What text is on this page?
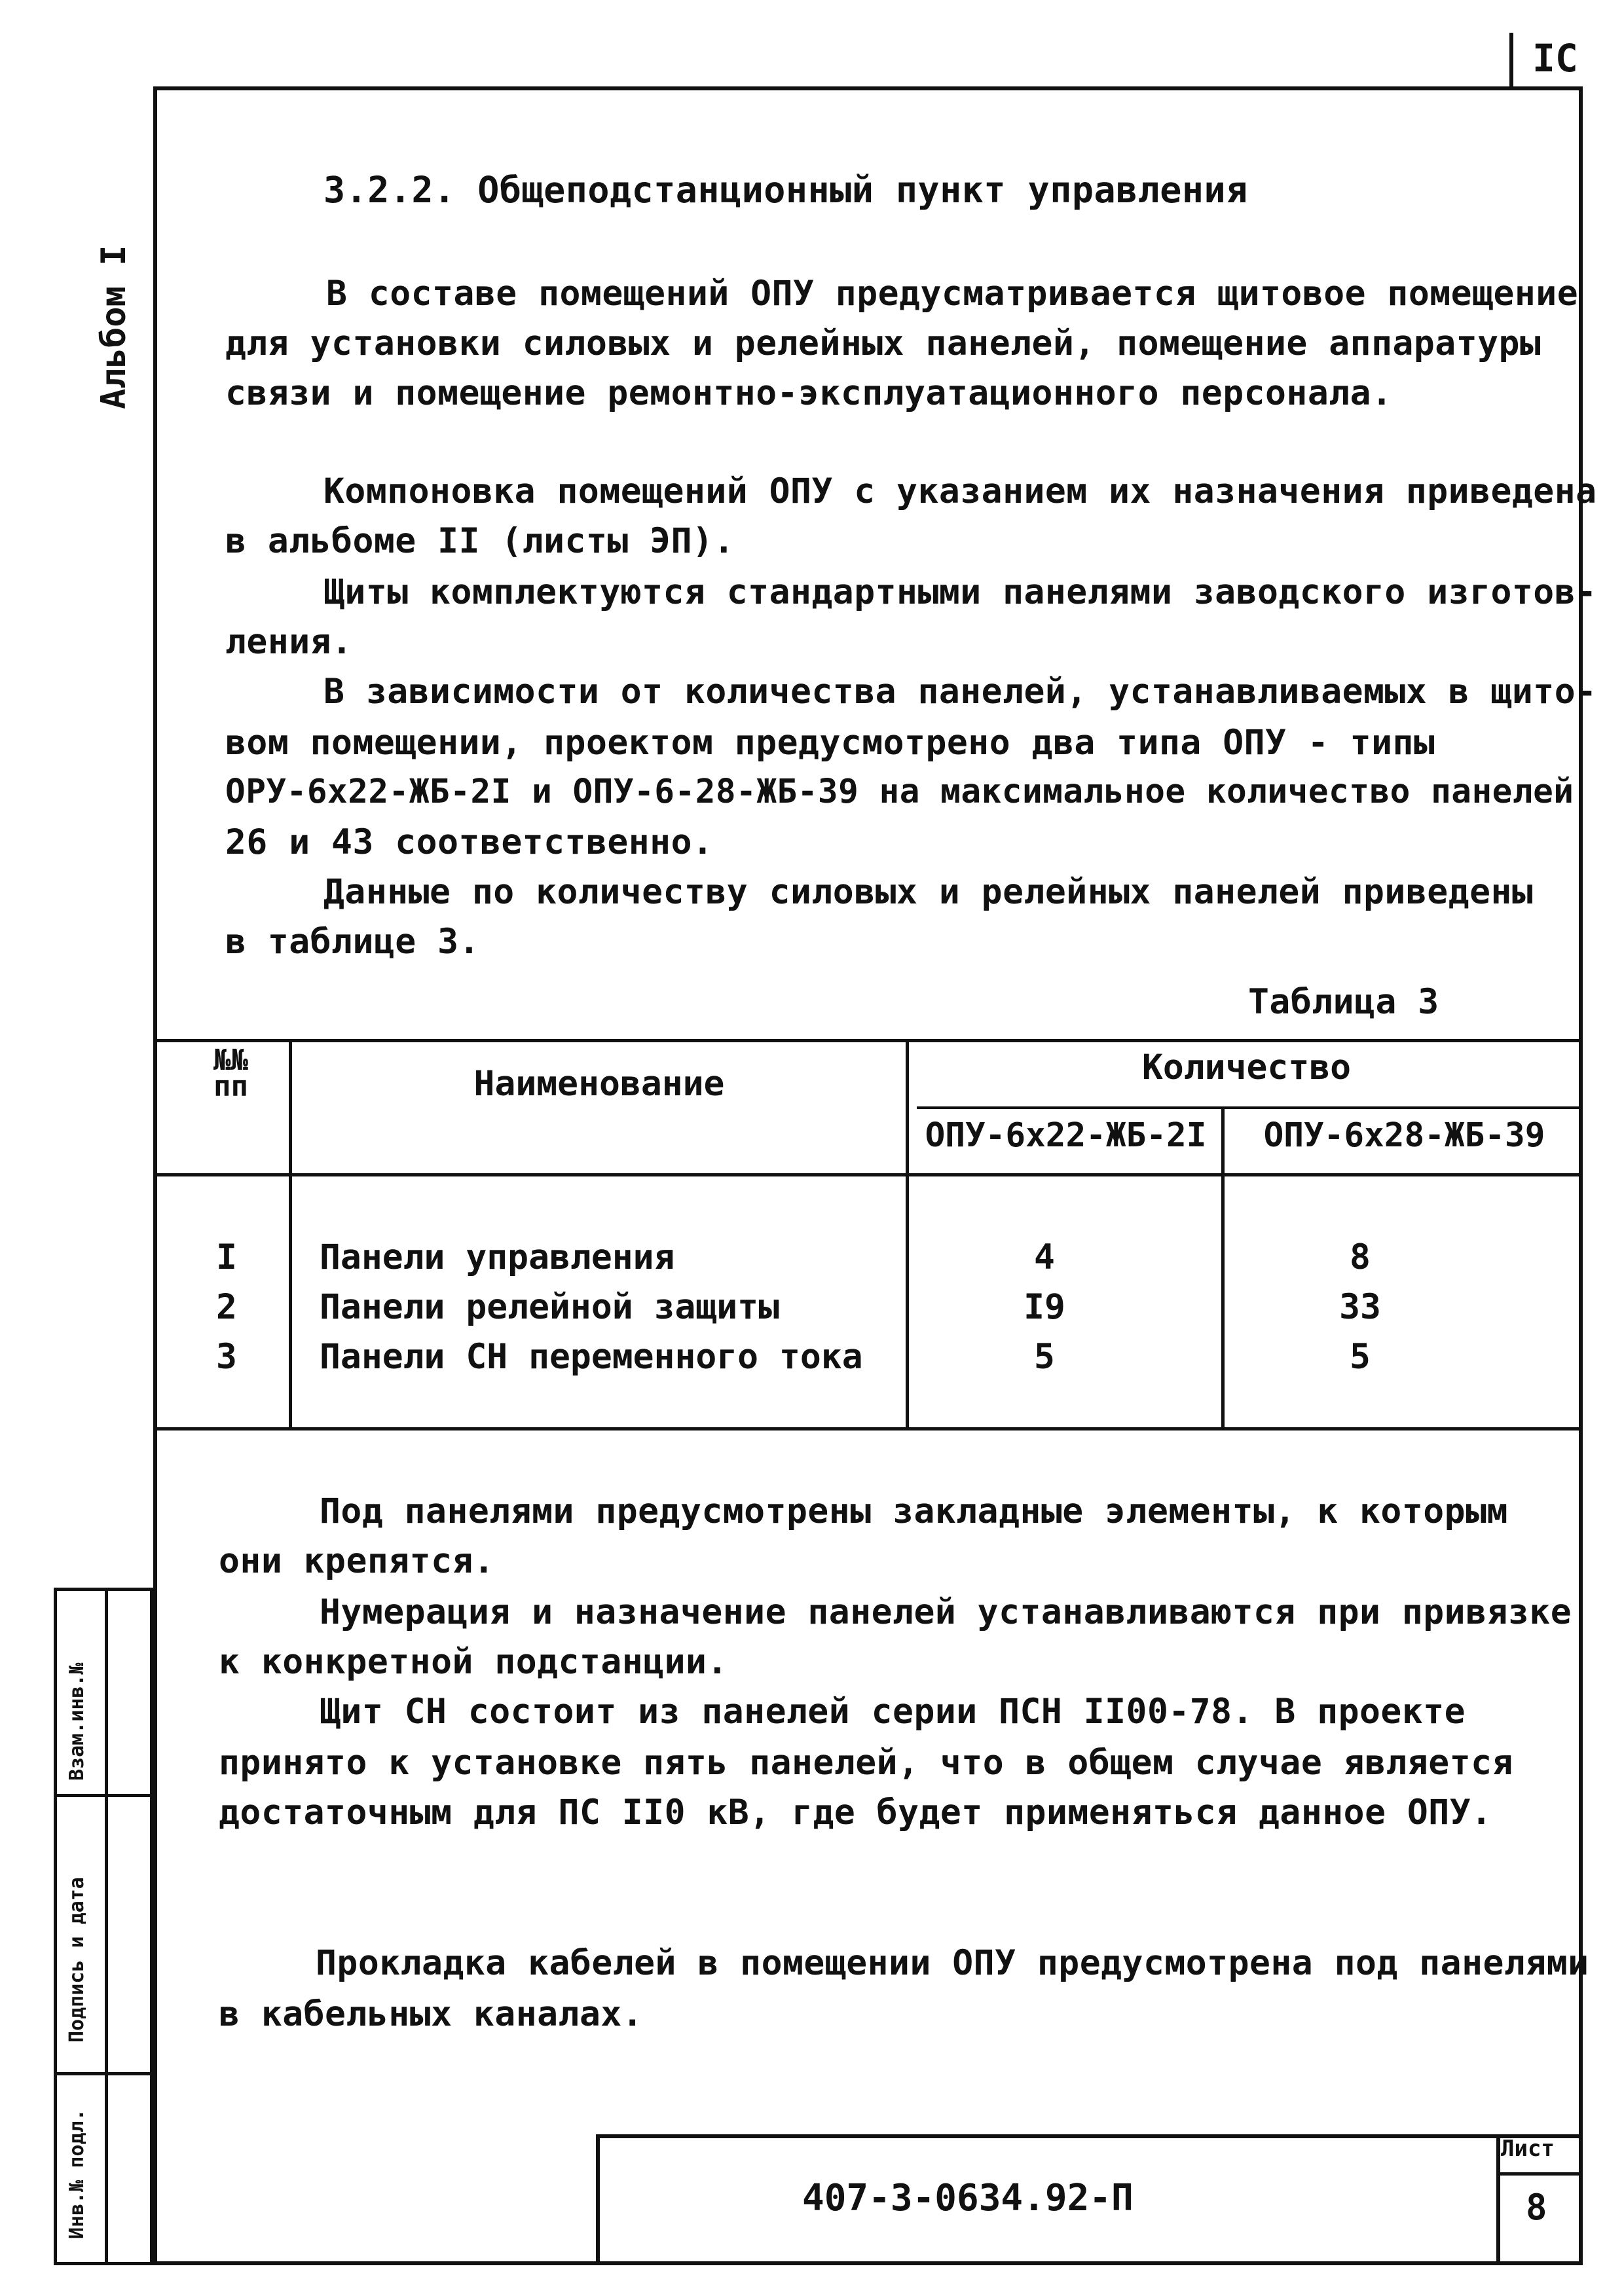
IС
Альбом I
3.2.2. Общеподстанционный пункт управления
В составе помещений ОПУ предусматривается щитовое помещение
для установки силовых и релейных панелей, помещение аппаратуры
связи и помещение ремонтно-эксплуатационного персонала.
Компоновка помещений ОПУ с указанием их назначения приведена
в альбоме II (листы ЭП).
Щиты комплектуются стандартными панелями заводского изготов-
ления.
В зависимости от количества панелей, устанавливаемых в щито-
вом помещении, проектом предусмотрено два типа ОПУ - типы
ОРУ-6х22-ЖБ-2I и ОПУ-6-28-ЖБ-39 на максимальное количество панелей
26 и 43 соответственно.
Данные по количеству силовых и релейных панелей приведены
в таблице 3.
Таблица 3
№№ пп	Наименование	Количество
ОПУ-6х22-ЖБ-2I	ОПУ-6х28-ЖБ-39
I	Панели управления	4	8
2	Панели релейной защиты	I9	33
3	Панели СН переменного тока	5	5
Под панелями предусмотрены закладные элементы, к которым
они крепятся.
Нумерация и назначение панелей устанавливаются при привязке
к конкретной подстанции.
Щит СН состоит из панелей серии ПСН II00-78. В проекте
принято к установке пять панелей, что в общем случае является
достаточным для ПС II0 кВ, где будет применяться данное ОПУ.
Прокладка кабелей в помещении ОПУ предусмотрена под панелями
в кабельных каналах.
Взам.инв.№
Подпись и дата
Инв.№ подл.	407-3-0634.92-П
Лист
8
